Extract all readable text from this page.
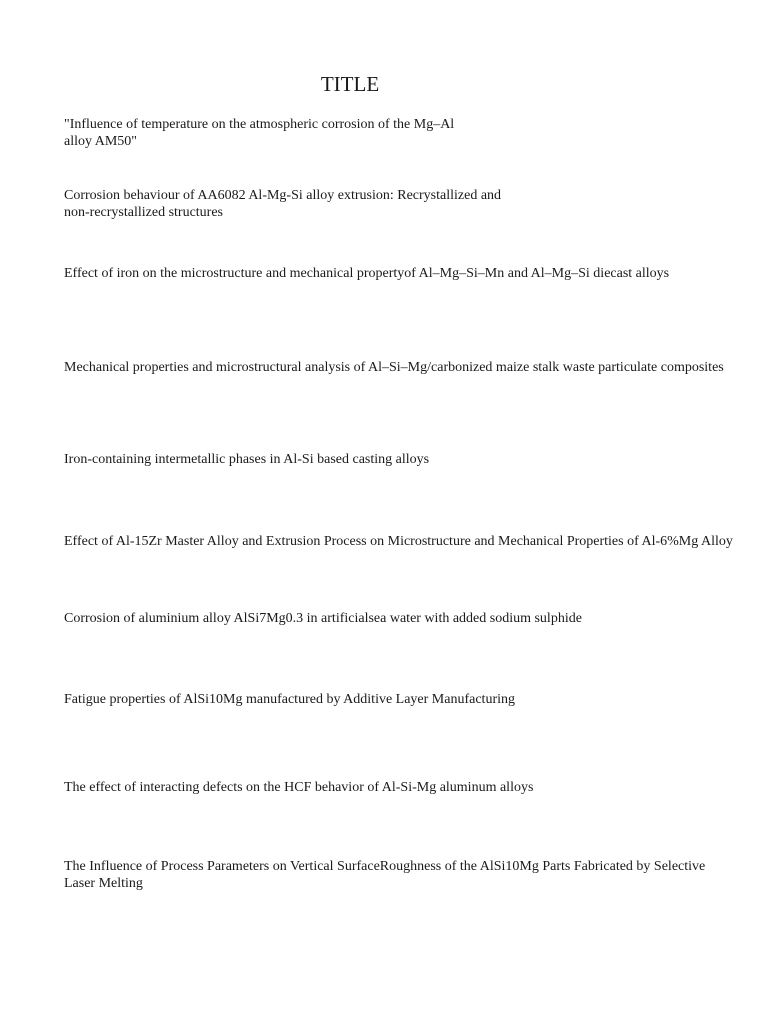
TITLE
"Influence of temperature on the atmospheric corrosion of the Mg–Al
alloy AM50"
Corrosion behaviour of AA6082 Al-Mg-Si alloy extrusion: Recrystallized and
non-recrystallized structures
Effect of iron on the microstructure and mechanical propertyof Al–Mg–Si–Mn and Al–Mg–Si diecast alloys
Mechanical properties and microstructural analysis of Al–Si–Mg/carbonized maize stalk waste particulate composites
Iron-containing intermetallic phases in Al-Si based casting alloys
Effect of Al-15Zr Master Alloy and Extrusion Process on Microstructure and Mechanical Properties of Al-6%Mg Alloy
Corrosion of aluminium alloy AlSi7Mg0.3 in artificialsea water with added sodium sulphide
Fatigue properties of AlSi10Mg manufactured by Additive Layer Manufacturing
The effect of interacting defects on the HCF behavior of Al-Si-Mg aluminum alloys
The Influence of Process Parameters on Vertical SurfaceRoughness of the AlSi10Mg Parts Fabricated by Selective
Laser Melting
